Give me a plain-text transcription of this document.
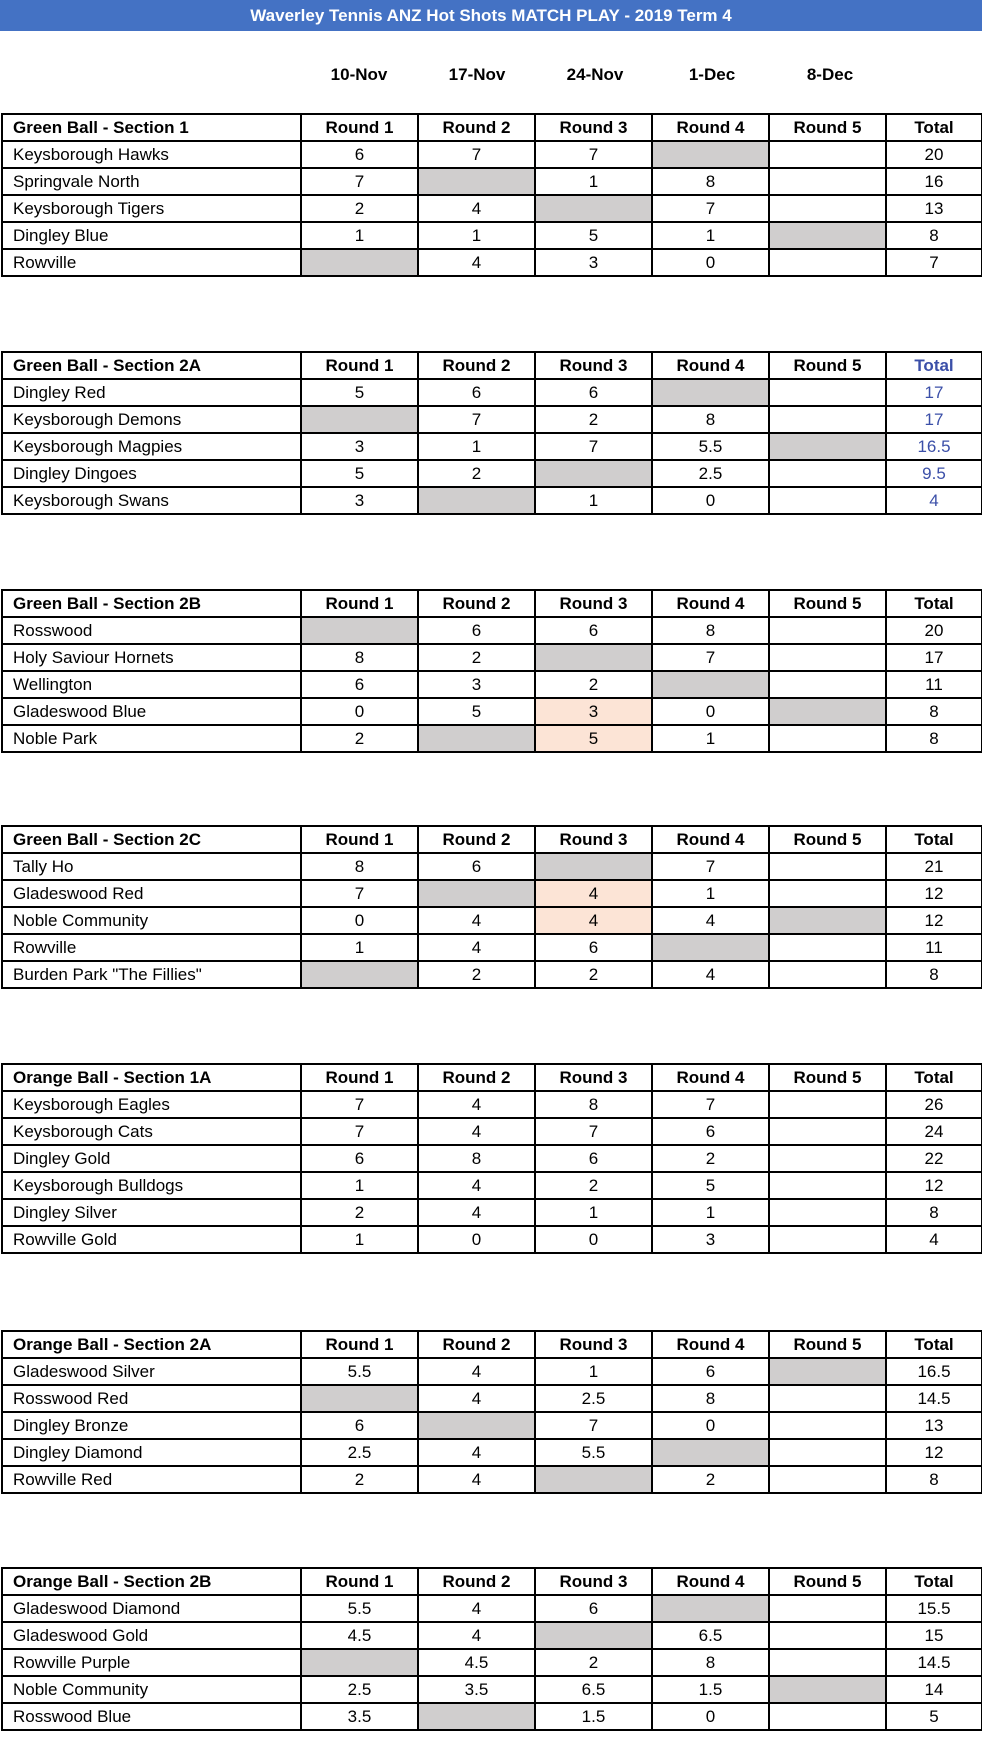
Waverley Tennis ANZ Hot Shots MATCH PLAY - 2019 Term 4
10-Nov	17-Nov	24-Nov	1-Dec	8-Dec
Green Ball - Section 1	Round 1	Round 2	Round 3	Round 4	Round 5	Total
Keysborough Hawks	6	7	7			20
Springvale North	7		1	8		16
Keysborough Tigers	2	4		7		13
Dingley Blue	1	1	5	1		8
Rowville		4	3	0		7
Green Ball - Section 2A	Round 1	Round 2	Round 3	Round 4	Round 5	Total
Dingley Red	5	6	6			17
Keysborough Demons		7	2	8		17
Keysborough Magpies	3	1	7	5.5		16.5
Dingley Dingoes	5	2		2.5		9.5
Keysborough Swans	3		1	0		4
Green Ball - Section 2B	Round 1	Round 2	Round 3	Round 4	Round 5	Total
Rosswood		6	6	8		20
Holy Saviour Hornets	8	2		7		17
Wellington	6	3	2			11
Gladeswood Blue	0	5	3	0		8
Noble Park	2		5	1		8
Green Ball - Section 2C	Round 1	Round 2	Round 3	Round 4	Round 5	Total
Tally Ho	8	6		7		21
Gladeswood Red	7		4	1		12
Noble Community	0	4	4	4		12
Rowville	1	4	6			11
Burden Park "The Fillies"		2	2	4		8
Orange Ball - Section 1A	Round 1	Round 2	Round 3	Round 4	Round 5	Total
Keysborough Eagles	7	4	8	7		26
Keysborough Cats	7	4	7	6		24
Dingley Gold	6	8	6	2		22
Keysborough Bulldogs	1	4	2	5		12
Dingley Silver	2	4	1	1		8
Rowville Gold	1	0	0	3		4
Orange Ball - Section 2A	Round 1	Round 2	Round 3	Round 4	Round 5	Total
Gladeswood Silver	5.5	4	1	6		16.5
Rosswood Red		4	2.5	8		14.5
Dingley Bronze	6		7	0		13
Dingley Diamond	2.5	4	5.5			12
Rowville Red	2	4		2		8
Orange Ball - Section 2B	Round 1	Round 2	Round 3	Round 4	Round 5	Total
Gladeswood Diamond	5.5	4	6			15.5
Gladeswood Gold	4.5	4		6.5		15
Rowville Purple		4.5	2	8		14.5
Noble Community	2.5	3.5	6.5	1.5		14
Rosswood Blue	3.5		1.5	0		5
